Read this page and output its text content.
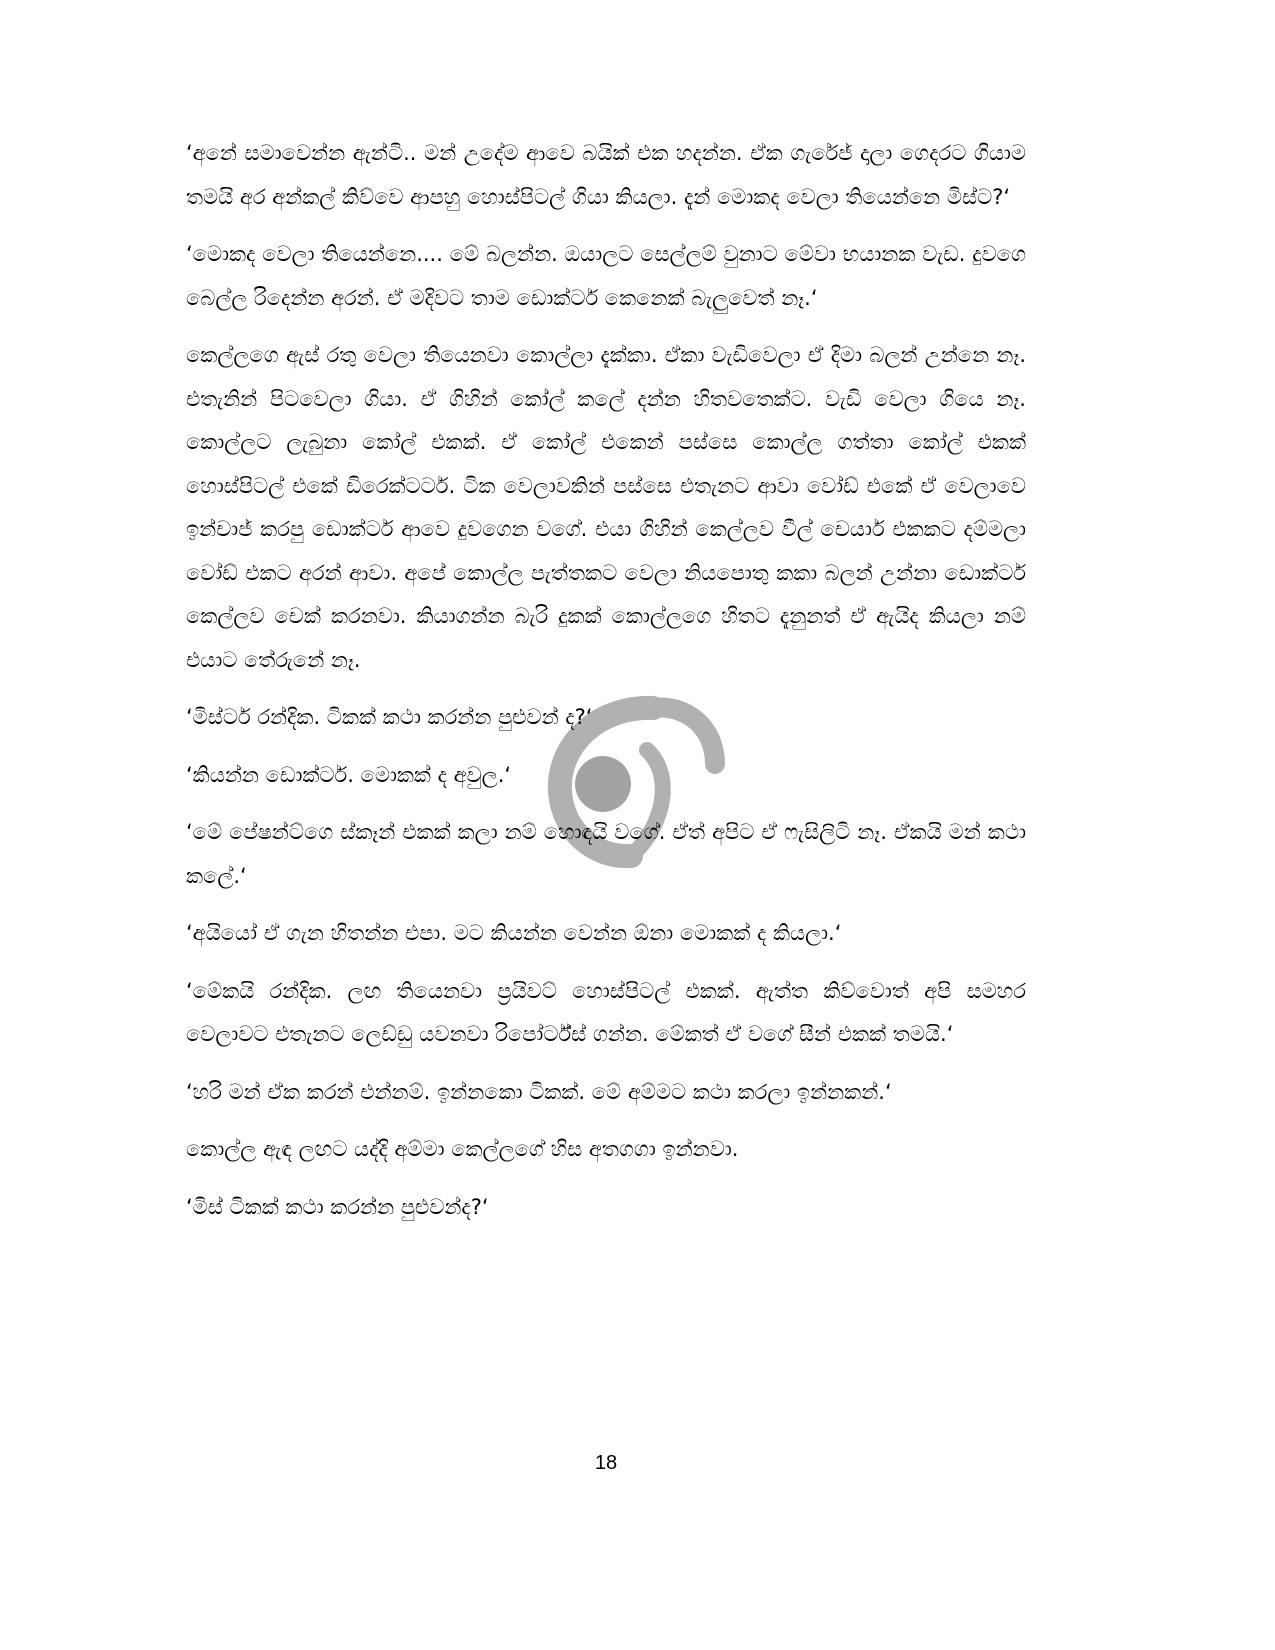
‘අනේ සමාවෙන්න ඇන්ටි.. මන් උදේම ආවෙ බයික් එක හදන්න. ඒක ගැරේජ් දාලා ගෙදරට ගියාම තමයි අර අන්කල් කිව්වෙ ආපහු හොස්පිටල් ගියා කියලා. දැන් මොකද වෙලා තියෙන්නෙ මිස්ට?‘

‘මොකද වෙලා තියෙන්නෙ.... මේ බලන්න. ඔයාලට සෙල්ලම් වුනාට මේවා භයානක වැඩ. දුවගෙ බෙල්ල රිදෙන්න අරන්. ඒ මදිවට තාම ඩොක්ටර් කෙනෙක් බැලුවෙත් නෑ.‘

කෙල්ලගෙ ඇස් රතු වෙලා තියෙනවා කොල්ලා දැක්කා. ඒකා වැඩිවෙලා ඒ දිමා බලන් උන්නෙ නෑ. එතැනින් පිටවෙලා ගියා. ඒ ගිහින් කෝල් කලේ දන්න හිතවතෙක්ට. වැඩි වෙලා ගියෙ නෑ. කොල්ලට ලැබුනා කෝල් එකක්. ඒ කෝල් එකෙන් පස්සෙ කොල්ල ගත්තා කෝල් එකක් හොස්පිටල් එකේ ඩිරෙක්ටර්ට. ටික වෙලාවකින් පස්සෙ එතැනට ආවා වෝඩ් එකේ ඒ වෙලාවෙ ඉන්චාජ් කරපු ඩොක්ටර් ආවෙ දුවගෙන වගේ. එයා ගිහින් කෙල්ලව වීල් චෙයාර් එකකට දම්මලා වෝඩ් එකට අරන් ආවා. අපේ කොල්ල පැත්තකට වෙලා නියපොතු කකා බලන් උන්නා ඩොක්ටර් කෙල්ලව චෙක් කරනවා. කියාගන්න බැරි දුකක් කොල්ලගෙ හිතට දැනුනත් ඒ ඇයිද කියලා නම් එයාට තේරුනේ නෑ.

‘මිස්ටර් රන්දික. ටිකක් කථා කරන්න පුළුවන් ද?‘

‘කියන්න ඩොක්ටර්. මොකක් ද අවුල.‘

‘මේ පේෂන්ට්ගෙ ස්කෑන් එකක් කලා නම් හොඳයි වගේ. ඒත් අපිට ඒ ෆැසිලිටි නෑ. ඒකයි මන් කථා කලේ.‘

‘අයියෝ ඒ ගැන හිතන්න එපා. මට කියන්න වෙන්න ඕනා මොකක් ද කියලා.‘

‘මේකයි රන්දික. ලඟ තියෙනවා ප්‍රයිවට් හොස්පිටල් එකක්. ඇත්ත කිව්වොත් අපි සමහර වෙලාවට එතැනට ලෙඩ්ඩු යවනවා රිපෝර්ට්ස් ගන්න. මේකත් ඒ වගේ සීන් එකක් තමයි.‘

‘හරි මන් ඒක කරන් එන්නම්. ඉන්නකො ටිකක්. මේ අම්මට කථා කරලා ඉන්නකන්.‘

කොල්ල ඇඳ ලඟට යද්දි අම්මා කෙල්ලගේ හිස අතගගා ඉන්නවා.

‘මිස් ටිකක් කථා කරන්න පුළුවන්ද?‘

18
